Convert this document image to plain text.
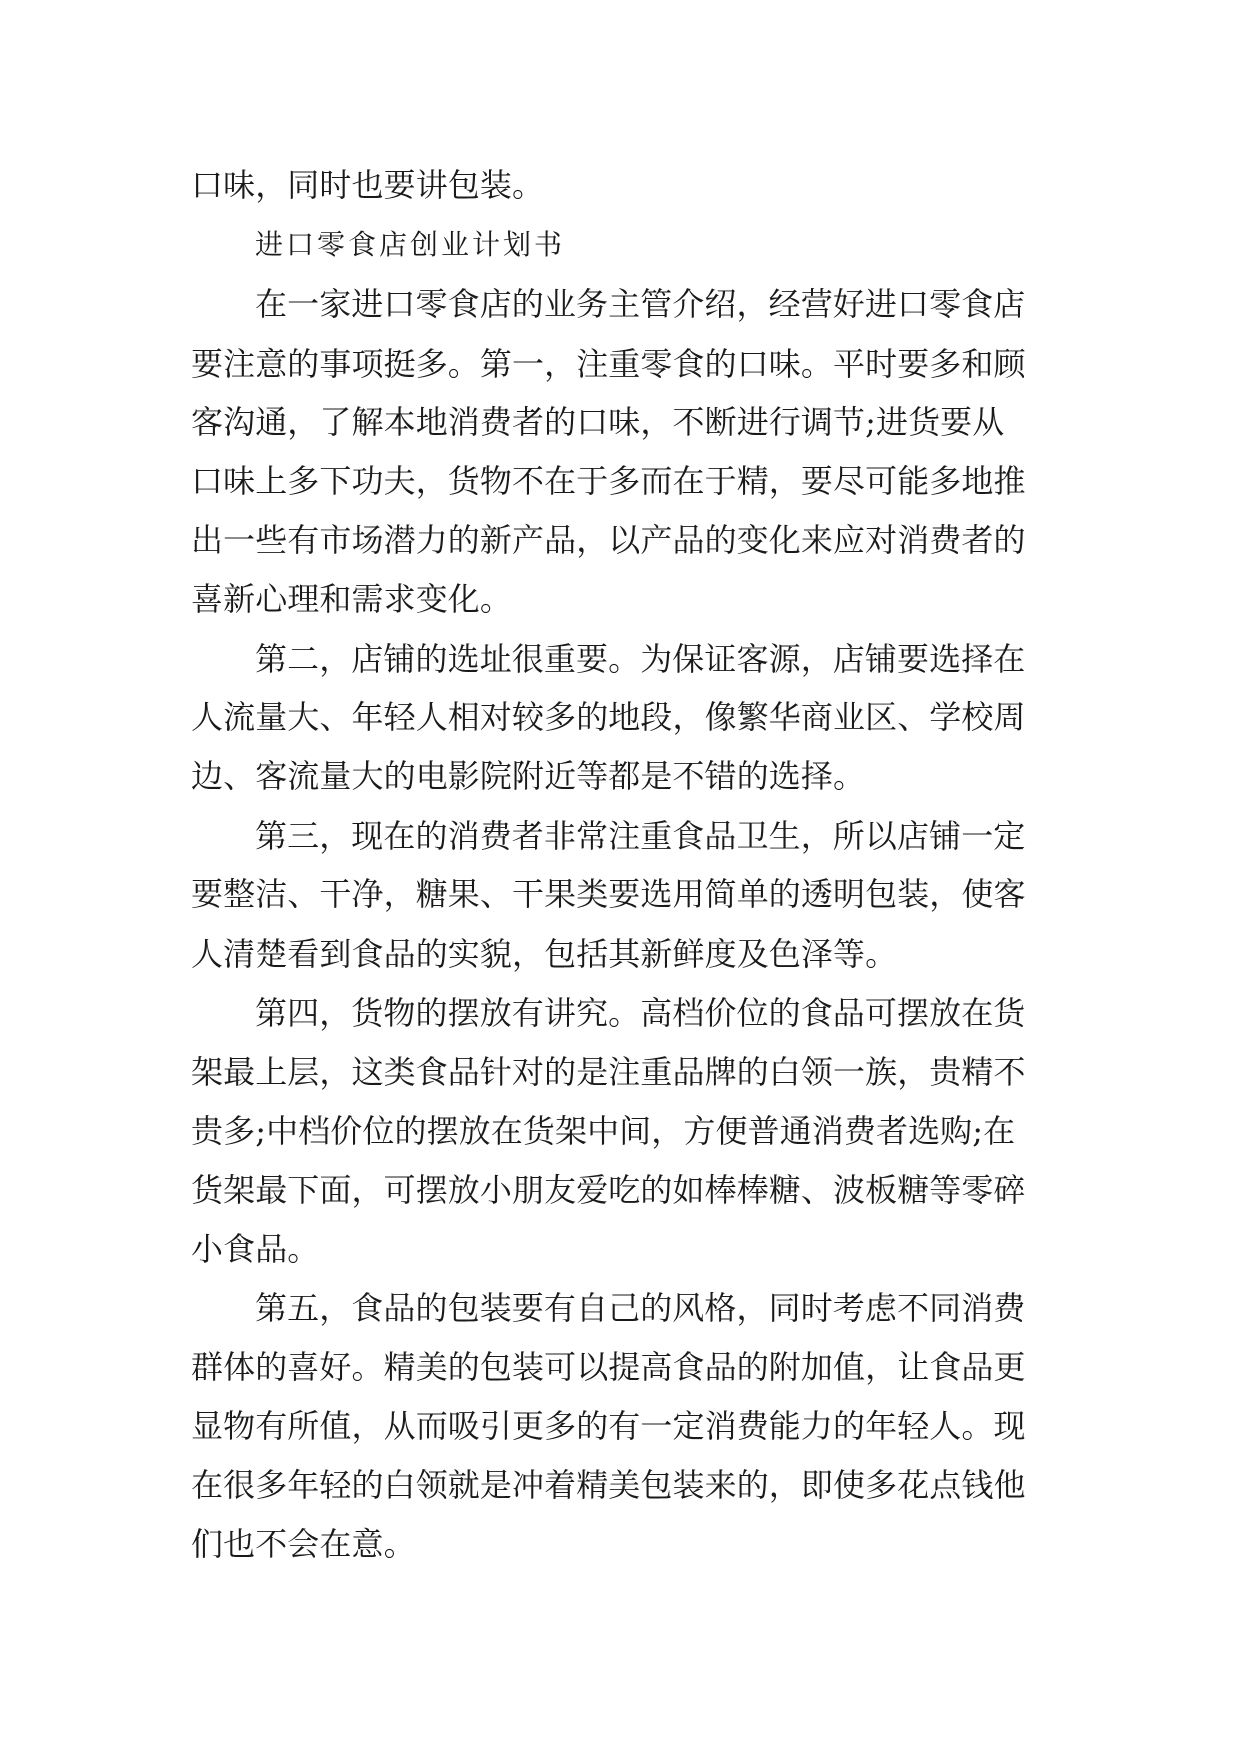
口味，同时也要讲包装。
进口零食店创业计划书
在一家进口零食店的业务主管介绍，经营好进口零食店
要注意的事项挺多。第一，注重零食的口味。平时要多和顾
客沟通，了解本地消费者的口味，不断进行调节;进货要从
口味上多下功夫，货物不在于多而在于精，要尽可能多地推
出一些有市场潜力的新产品，以产品的变化来应对消费者的
喜新心理和需求变化。
第二，店铺的选址很重要。为保证客源，店铺要选择在
人流量大、年轻人相对较多的地段，像繁华商业区、学校周
边、客流量大的电影院附近等都是不错的选择。
第三，现在的消费者非常注重食品卫生，所以店铺一定
要整洁、干净，糖果、干果类要选用简单的透明包装，使客
人清楚看到食品的实貌，包括其新鲜度及色泽等。
第四，货物的摆放有讲究。高档价位的食品可摆放在货
架最上层，这类食品针对的是注重品牌的白领一族，贵精不
贵多;中档价位的摆放在货架中间，方便普通消费者选购;在
货架最下面，可摆放小朋友爱吃的如棒棒糖、波板糖等零碎
小食品。
第五，食品的包装要有自己的风格，同时考虑不同消费
群体的喜好。精美的包装可以提高食品的附加值，让食品更
显物有所值，从而吸引更多的有一定消费能力的年轻人。现
在很多年轻的白领就是冲着精美包装来的，即使多花点钱他
们也不会在意。
